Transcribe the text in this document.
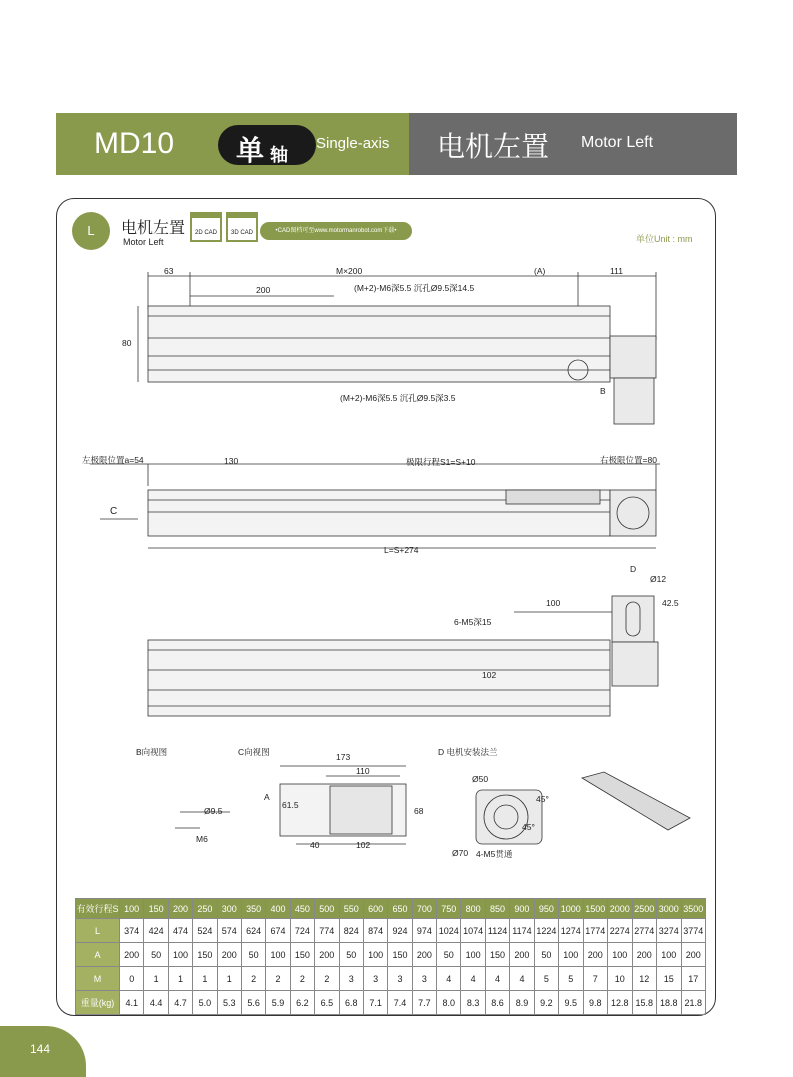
MD10 单 轴
Single-axis 电机左置 Motor Left
L	电机左置
Motor Left
2D CAD	3D CAD	•CAD图档可至www.motormanrobot.com下载•
单位Unit : mm
63	M×200	(A)	111
200
80
(M+2)-M6深5.5 沉孔Ø9.5深14.5
(M+2)-M6深5.5 沉孔Ø9.5深3.5
B
左极限位置a=54	130	极限行程S1=S+10	右极限位置=80
C
L=S+274
D
Ø12
100	42.5
6-M5深15
102
B向视图	C向视图	D 电机安装法兰
Ø9.5
M6
173
110
61.5
68
40	102
A
Ø50
45°
45°
Ø70 4-M5贯通
有效行程S	100	150	200	250	300	350	400	450	500	550	600	650	700	750	800	850	900	950	1000	1500	2000	2500	3000	3500
L	374	424	474	524	574	624	674	724	774	824	874	924	974	1024	1074	1124	1174	1224	1274	1774	2274	2774	3274	3774
A	200	50	100	150	200	50	100	150	200	50	100	150	200	50	100	150	200	50	100	200	100	200	100	200
M	0	1	1	1	1	2	2	2	2	3	3	3	3	4	4	4	4	5	5	7	10	12	15	17
重量(kg)	4.1	4.4	4.7	5.0	5.3	5.6	5.9	6.2	6.5	6.8	7.1	7.4	7.7	8.0	8.3	8.6	8.9	9.2	9.5	9.8	12.8	15.8	18.8	21.8
144
